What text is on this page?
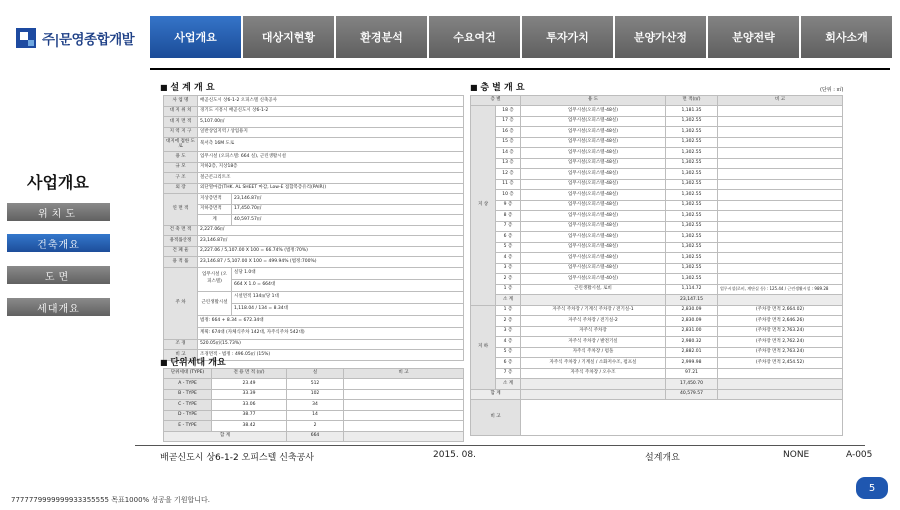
주|문영종합개발	사업개요	대상지현황	환경분석	수요여건	투자가치	분양가산정	분양전략	회사소개
사업개요
위치도
건축개요
도면
세대개요
■ 설 계 개 요
사 업 명	배곧신도시 상6-1-2 오피스텔 신축공사	
대 지 위 치	경기도 시흥시 배곧신도시 상6-1-2	
대 지 면 적	5,107.00㎡	
지 역 지 구	일반상업지역 / 상업용지	
대지에 접한 도로	북서측 16M 도로	
용 도	업무시설 (오피스텔: 664 실), 근린생활시설	
규 모	지하2층, 지상18층	
구 조	철근콘크리트조	
외 장	외단열마감(THK. AL SHEET 마감, Low-E 접합복층유리(PAIR))	
연 면 적	지상층면적	23,146.87㎡
	지하층면적	17,450.70㎡
	계	40,597.57㎡
건 축 면 적	2,227.06㎡	
용적률산정	23,146.87㎡	
건 폐 율	2,227.06 / 5,107.00 X 100 = 66.74% (법정:70%)	
용 적 률	23,146.87 / 5,107.00 X 100 = 499.94% (법정:700%)	
주 차	업무시설 (오피스텔)	실당 1.0대
		664 X 1.0 = 664대
	근린생활시설	시설면적 134㎡당 1대
		1,118.04 / 134 = 8.34대
	법정: 664 + 8.34 = 672.34대	
	계획: 674대 (자체식주차 142대, 자주식주차 542대)	
조 경	520.05㎡(15.73%)	
비 고	조경면적 - 법정 : 496.05㎡ (15%)	
■ 단위세대 개요
단위세대 (TYPE)	전 용 면 적 (㎡)	실	비 고
A - TYPE	23.49	512	
B - TYPE	33.39	102	
C - TYPE	33.06	34	
D - TYPE	38.77	14	
E - TYPE	38.42	2	
합 계		664	
■ 층 별 개 요	(단위 : ㎡)
층 별		용 도	면 적(㎡)	비 고
지 상	18 층	업무시설(오피스텔-48실)	1,181.35	
	17 층	업무시설(오피스텔-48실)	1,302.55	
	16 층	업무시설(오피스텔-48실)	1,302.55	
	15 층	업무시설(오피스텔-48실)	1,302.55	
	14 층	업무시설(오피스텔-48실)	1,302.55	
	13 층	업무시설(오피스텔-48실)	1,302.55	
	12 층	업무시설(오피스텔-48실)	1,302.55	
	11 층	업무시설(오피스텔-48실)	1,302.55	
	10 층	업무시설(오피스텔-48실)	1,302.55	
	9 층	업무시설(오피스텔-48실)	1,302.55	
	8 층	업무시설(오피스텔-48실)	1,302.55	
	7 층	업무시설(오피스텔-48실)	1,302.55	
	6 층	업무시설(오피스텔-48실)	1,302.55	
	5 층	업무시설(오피스텔-48실)	1,302.55	
	4 층	업무시설(오피스텔-48실)	1,302.55	
	3 층	업무시설(오피스텔-48실)	1,302.55	
	2 층	업무시설(오피스텔-40실)	1,302.55	
	1 층	근린생활시설, 로비	1,114.72	업무시설(로비, 계단실 등) : 125.44 / 근린생활시설 : 989.28
	소 계		23,147.15	
지 하	1 층	자주식 주차장 / 기계식 주차장 / 전기실-1	2,830.09	(주차장 면적 2,664.02)
	2 층	자주식 주차장 / 전기실-2	2,830.09	(주차장 면적 2,646.26)
	3 층	자주식 주차장	2,831.00	(주차장 면적 2,763.24)
	4 층	자주식 주차장 / 발전기실	2,980.32	(주차장 면적 2,762.24)
	5 층	자주식 주차장 / 펌돌	2,882.01	(주차장 면적 2,763.24)
	6 층	자주식 주차장 / 기계실 / 소화저수조, 펌프실	2,999.98	(주차장 면적 2,454.52)
	7 층	자주식 주차장 / 오수조	97.21	
	소 계		17,450.70	
합 계			40,579.57	
비 고				
배곧신도시 상6-1-2 오피스텔 신축공사	2015. 08.	설계개요	NONE	A-005
7777779999999933355555 목표1000% 성공을 기원합니다.
5
